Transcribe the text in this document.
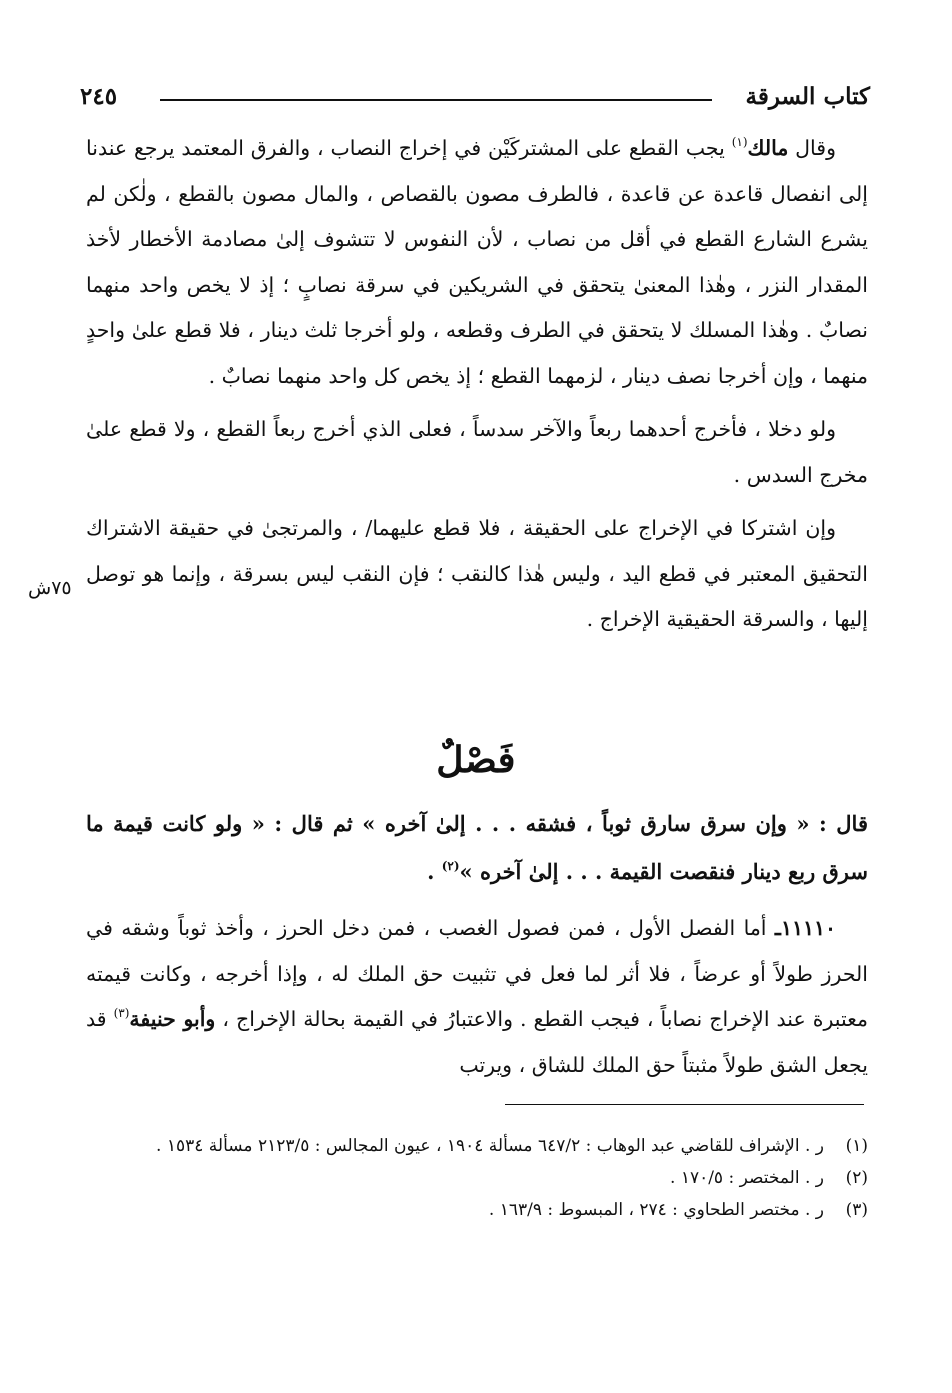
كتاب السرقة
٢٤٥

وقال مالك$^{(١)}$ يجب القطع على المشتركَيْن في إخراج النصاب ، والفرق المعتمد يرجع عندنا إلى انفصال قاعدة عن قاعدة ، فالطرف مصون بالقصاص ، والمال مصون بالقطع ، ولٰكن لم يشرع الشارع القطع في أقل من نصاب ، لأن النفوس لا تتشوف إلىٰ مصادمة الأخطار لأخذ المقدار النزر ، وهٰذا المعنىٰ يتحقق في الشريكين في سرقة نصابٍ ؛ إذ لا يخص واحد منهما نصابٌ . وهٰذا المسلك لا يتحقق في الطرف وقطعه ، ولو أخرجا ثلث دينار ، فلا قطع علىٰ واحدٍ منهما ، وإن أخرجا نصف دينار ، لزمهما القطع ؛ إذ يخص كل واحد منهما نصابٌ .

ولو دخلا ، فأخرج أحدهما ربعاً والآخر سدساً ، فعلى الذي أخرج ربعاً القطع ، ولا قطع علىٰ مخرج السدس .

وإن اشتركا في الإخراج على الحقيقة ، فلا قطع عليهما/ ، والمرتجىٰ في حقيقة الاشتراك التحقيق المعتبر في قطع اليد ، وليس هٰذا كالنقب ؛ فإن النقب ليس بسرقة ، وإنما هو توصل إليها ، والسرقة الحقيقية الإخراج .

٧٥ش
فَصْلٌ
قال : « وإن سرق سارق ثوباً ، فشقه . . . إلىٰ آخره » ثم قال : « ولو كانت قيمة ما سرق ربع دينار فنقصت القيمة . . . إلىٰ آخره »$^{(٢)}$ .

١١١١٠ـ أما الفصل الأول ، فمن فصول الغصب ، فمن دخل الحرز ، وأخذ ثوباً وشقه في الحرز طولاً أو عرضاً ، فلا أثر لما فعل في تثبيت حق الملك له ، وإذا أخرجه ، وكانت قيمته معتبرة عند الإخراج نصاباً ، فيجب القطع . والاعتبارُ في القيمة بحالة الإخراج ، وأبو حنيفة$^{(٣)}$ قد يجعل الشق طولاً مثبتاً حق الملك للشاق ، ويرتب

(١)
ر . الإشراف للقاضي عبد الوهاب : ٦٤٧/٢ مسألة ١٩٠٤ ، عيون المجالس : ٢١٢٣/٥ مسألة ١٥٣٤ .
(٢)
ر . المختصر : ١٧٠/٥ .
(٣)
ر . مختصر الطحاوي : ٢٧٤ ، المبسوط : ١٦٣/٩ .
